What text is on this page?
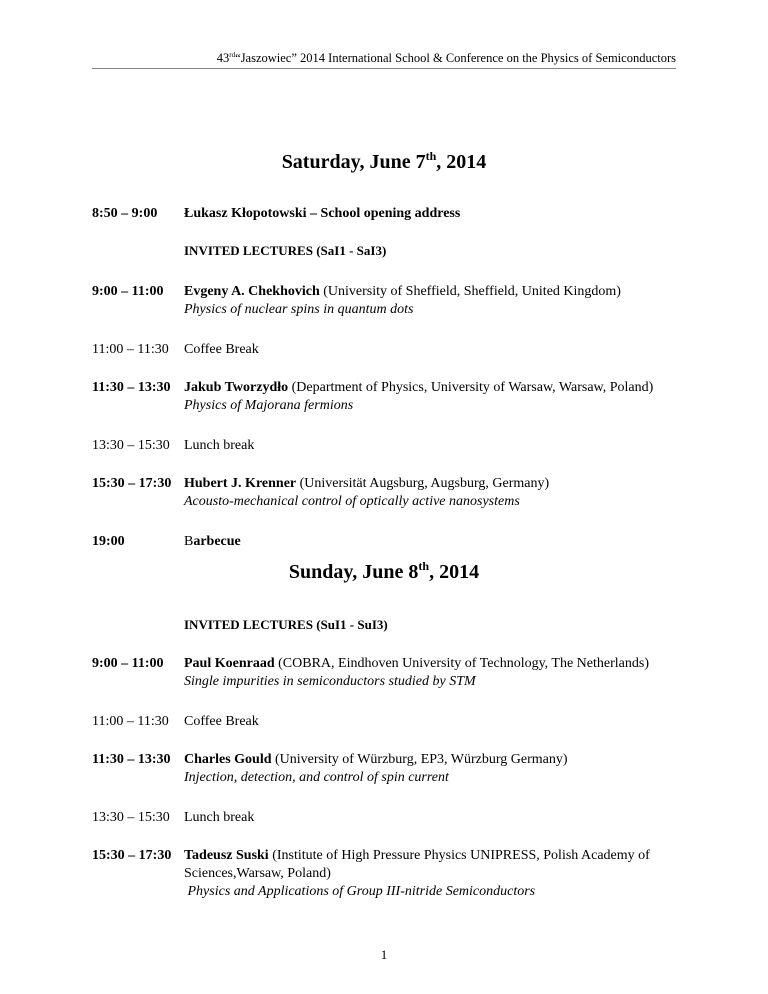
43rd“Jaszowiec” 2014 International School & Conference on the Physics of Semiconductors
Saturday, June 7th, 2014
8:50 – 9:00 Łukasz Kłopotowski – School opening address
INVITED LECTURES (SaI1 - SaI3)
9:00 – 11:00 Evgeny A. Chekhovich (University of Sheffield, Sheffield, United Kingdom)
Physics of nuclear spins in quantum dots
11:00 – 11:30 Coffee Break
11:30 – 13:30 Jakub Tworzydło (Department of Physics, University of Warsaw, Warsaw, Poland)
Physics of Majorana fermions
13:30 – 15:30 Lunch break
15:30 – 17:30 Hubert J. Krenner (Universität Augsburg, Augsburg, Germany)
Acousto-mechanical control of optically active nanosystems
19:00	Barbecue
Sunday, June 8th, 2014
INVITED LECTURES (SuI1 - SuI3)
9:00 – 11:00 Paul Koenraad (COBRA, Eindhoven University of Technology, The Netherlands)
Single impurities in semiconductors studied by STM
11:00 – 11:30 Coffee Break
11:30 – 13:30 Charles Gould (University of Würzburg, EP3, Würzburg Germany)
Injection, detection, and control of spin current
13:30 – 15:30 Lunch break
15:30 – 17:30 Tadeusz Suski (Institute of High Pressure Physics UNIPRESS, Polish Academy of
Sciences,Warsaw, Poland)
Physics and Applications of Group III-nitride Semiconductors
1
